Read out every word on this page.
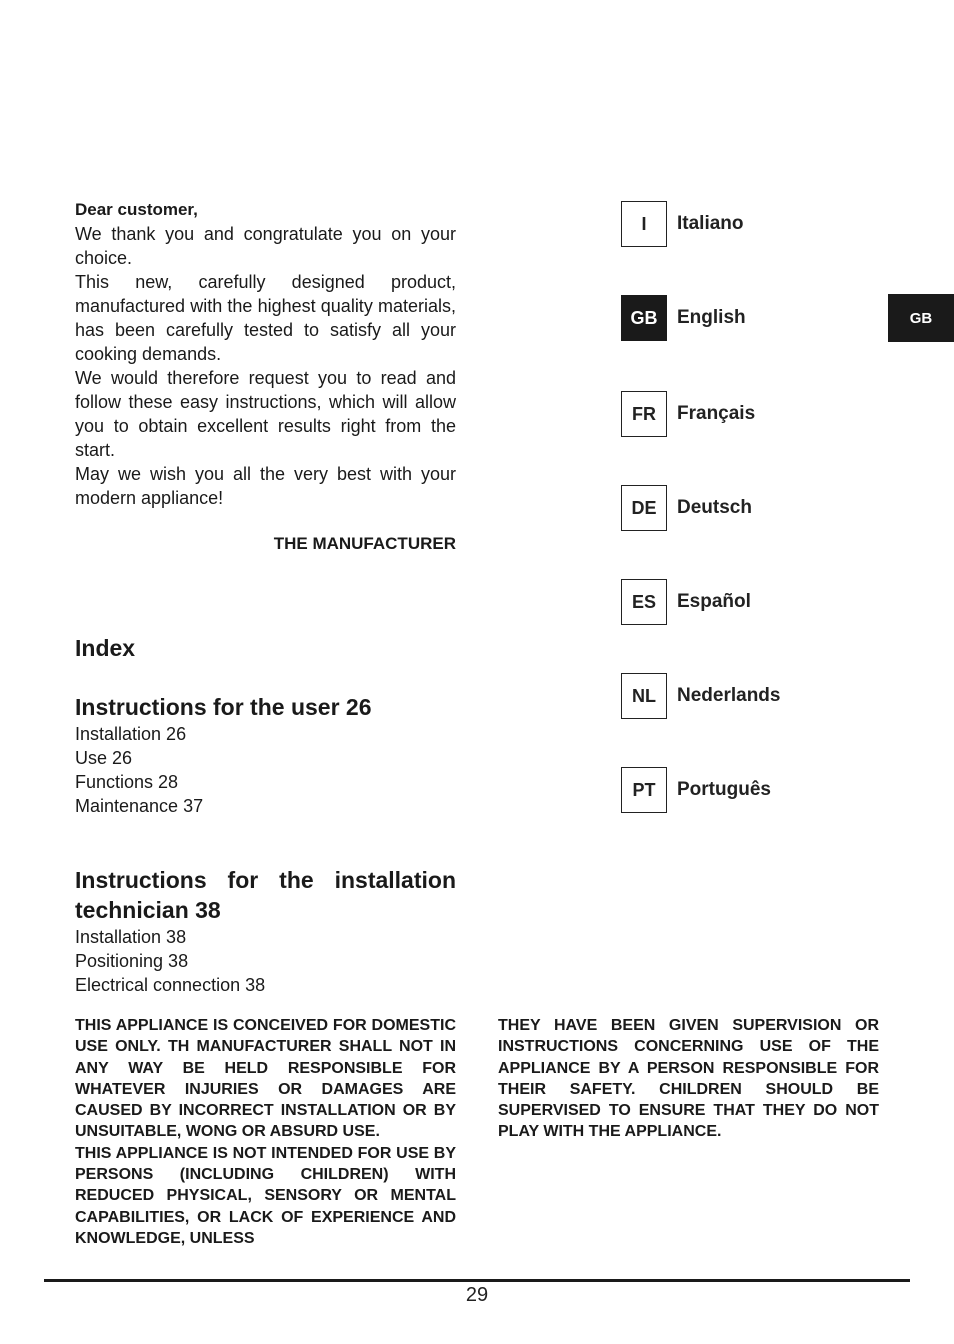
Dear customer,

We thank you and congratulate you on your choice.

This new, carefully designed product, manufactured with the highest quality materials, has been carefully tested to satisfy all your cooking demands.

We would therefore request you to read and follow these easy instructions, which will allow you to obtain excellent results right from the start.

May we wish you all the very best with your modern appliance!

THE MANUFACTURER
Index
Instructions for the user 26
Installation 26
Use 26
Functions 28
Maintenance 37
Instructions for the installation technician 38
Installation 38
Positioning 38
Electrical connection 38

THIS APPLIANCE IS CONCEIVED FOR DOMESTIC USE ONLY. TH MANUFACTURER SHALL NOT IN ANY WAY BE HELD RESPONSIBLE FOR WHATEVER INJURIES OR DAMAGES ARE CAUSED BY INCORRECT INSTALLATION OR BY UNSUITABLE, WONG OR ABSURD USE.

THIS APPLIANCE IS NOT INTENDED FOR USE BY PERSONS (INCLUDING CHILDREN) WITH REDUCED PHYSICAL, SENSORY OR MENTAL CAPABILITIES, OR LACK OF EXPERIENCE AND KNOWLEDGE, UNLESS

THEY HAVE BEEN GIVEN SUPERVISION OR INSTRUCTIONS CONCERNING USE OF THE APPLIANCE BY A PERSON RESPONSIBLE FOR THEIR SAFETY. CHILDREN SHOULD BE SUPERVISED TO ENSURE THAT THEY DO NOT PLAY WITH THE APPLIANCE.

I	Italiano
GB	English
FR	Français
DE	Deutsch
ES	Español
NL	Nederlands
PT	Português
GB
29
